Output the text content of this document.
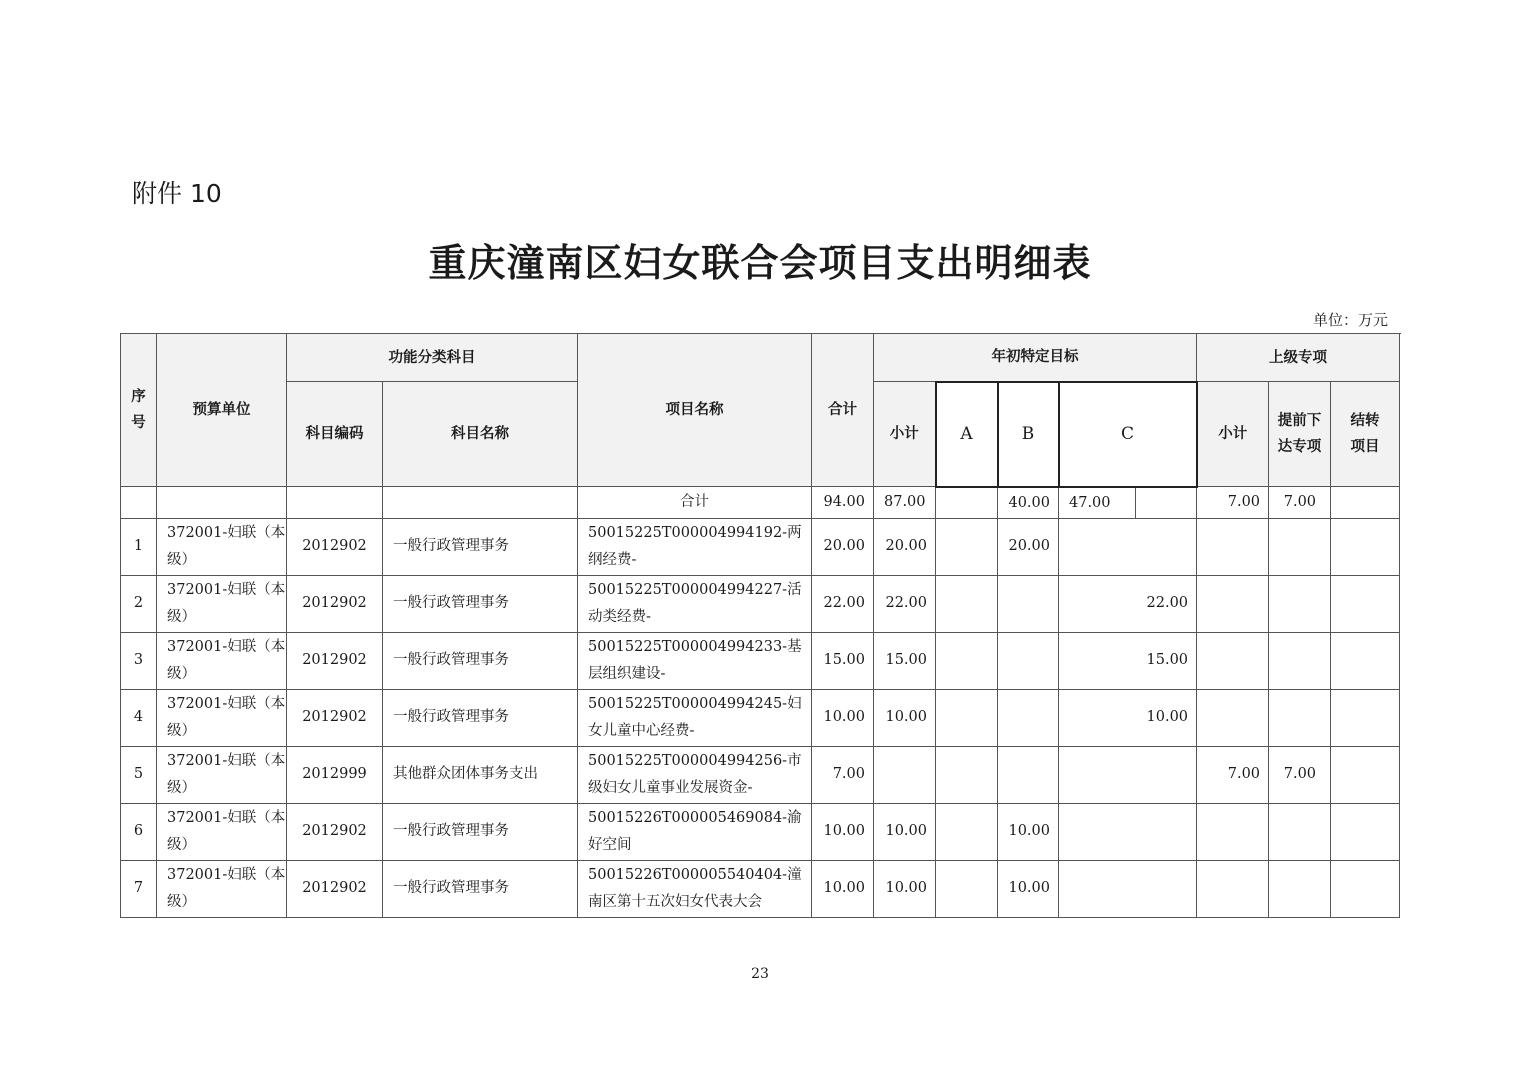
附件 10
重庆潼南区妇女联合会项目支出明细表
单位：万元
序号	预算单位	功能分类科目		项目名称	合计	年初特定目标					上级专项			
		科目编码	科目名称			小计	A	B	C		小计	提前下达专项	结转项目	
				合计	94.00	87.00		40.00	47.00		7.00	7.00		
1	372001-妇联（本级）	2012902	一般行政管理事务	50015225T000004994192-两纲经费-	20.00	20.00		20.00						
2	372001-妇联（本级）	2012902	一般行政管理事务	50015225T000004994227-活动类经费-	22.00	22.00			22.00					
3	372001-妇联（本级）	2012902	一般行政管理事务	50015225T000004994233-基层组织建设-	15.00	15.00			15.00					
4	372001-妇联（本级）	2012902	一般行政管理事务	50015225T000004994245-妇女儿童中心经费-	10.00	10.00			10.00					
5	372001-妇联（本级）	2012999	其他群众团体事务支出	50015225T000004994256-市级妇女儿童事业发展资金-	7.00						7.00	7.00		
6	372001-妇联（本级）	2012902	一般行政管理事务	50015226T000005469084-渝好空间	10.00	10.00		10.00						
7	372001-妇联（本级）	2012902	一般行政管理事务	50015226T000005540404-潼南区第十五次妇女代表大会	10.00	10.00		10.00						
23
